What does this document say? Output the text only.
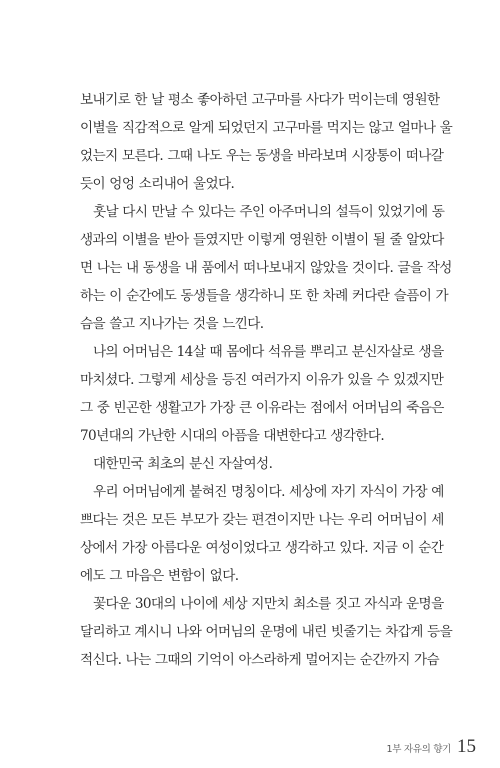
보내기로 한 날 평소 좋아하던 고구마를 사다가 먹이는데 영원한
이별을 직감적으로 알게 되었던지 고구마를 먹지는 않고 얼마나 울
었는지 모른다. 그때 나도 우는 동생을 바라보며 시장통이 떠나갈
듯이 엉엉 소리내어 울었다.
훗날 다시 만날 수 있다는 주인 아주머니의 설득이 있었기에 동
생과의 이별을 받아 들였지만 이렇게 영원한 이별이 될 줄 알았다
면 나는 내 동생을 내 품에서 떠나보내지 않았을 것이다. 글을 작성
하는 이 순간에도 동생들을 생각하니 또 한 차례 커다란 슬픔이 가
슴을 쓸고 지나가는 것을 느낀다.
나의 어머님은 14살 때 몸에다 석유를 뿌리고 분신자살로 생을
마치셨다. 그렇게 세상을 등진 여러가지 이유가 있을 수 있겠지만
그 중 빈곤한 생활고가 가장 큰 이유라는 점에서 어머님의 죽음은
70년대의 가난한 시대의 아픔을 대변한다고 생각한다.
대한민국 최초의 분신 자살여성.
우리 어머님에게 붙혀진 명칭이다. 세상에 자기 자식이 가장 예
쁘다는 것은 모든 부모가 갖는 편견이지만 나는 우리 어머님이 세
상에서 가장 아름다운 여성이었다고 생각하고 있다. 지금 이 순간
에도 그 마음은 변함이 없다.
꽃다운 30대의 나이에 세상 지만치 최소를 짓고 자식과 운명을
달리하고 계시니 나와 어머님의 운명에 내린 빗줄기는 차갑게 등을
적신다. 나는 그때의 기억이 아스라하게 멀어지는 순간까지 가슴
1부 자유의 향기 15
